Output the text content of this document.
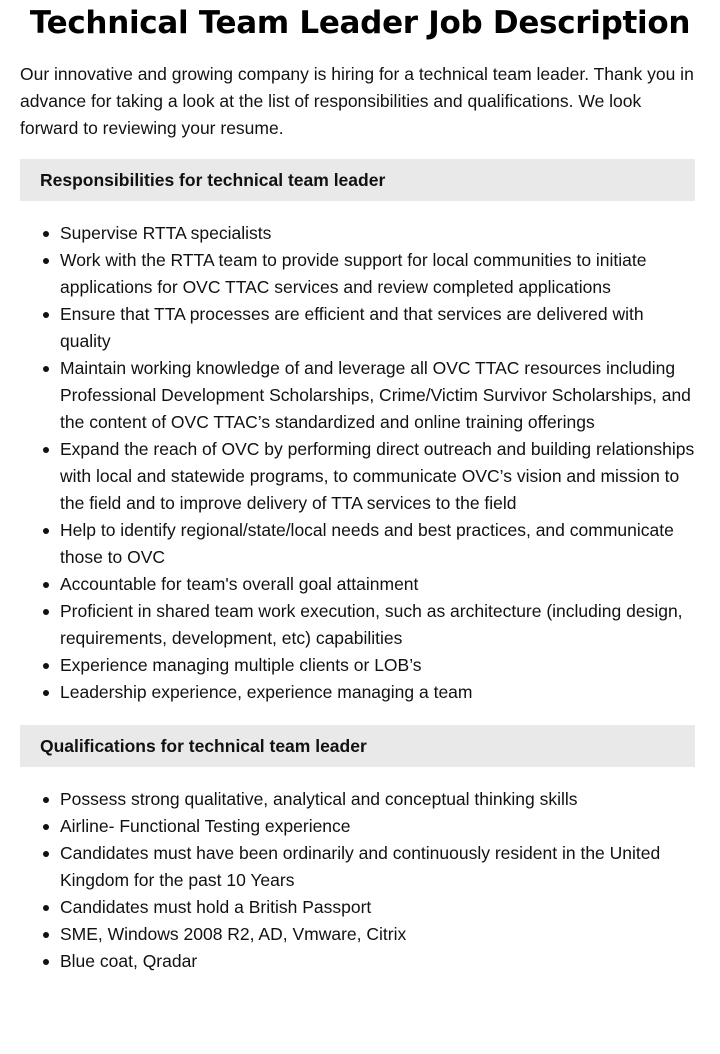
Technical Team Leader Job Description

Our innovative and growing company is hiring for a technical team leader. Thank you in advance for taking a look at the list of responsibilities and qualifications. We look forward to reviewing your resume.

Responsibilities for technical team leader
Supervise RTTA specialists
Work with the RTTA team to provide support for local communities to initiate applications for OVC TTAC services and review completed applications
Ensure that TTA processes are efficient and that services are delivered with quality
Maintain working knowledge of and leverage all OVC TTAC resources including Professional Development Scholarships, Crime/Victim Survivor Scholarships, and the content of OVC TTAC’s standardized and online training offerings
Expand the reach of OVC by performing direct outreach and building relationships with local and statewide programs, to communicate OVC’s vision and mission to the field and to improve delivery of TTA services to the field
Help to identify regional/state/local needs and best practices, and communicate those to OVC
Accountable for team's overall goal attainment
Proficient in shared team work execution, such as architecture (including design, requirements, development, etc) capabilities
Experience managing multiple clients or LOB’s
Leadership experience, experience managing a team
Qualifications for technical team leader
Possess strong qualitative, analytical and conceptual thinking skills
Airline- Functional Testing experience
Candidates must have been ordinarily and continuously resident in the United Kingdom for the past 10 Years
Candidates must hold a British Passport
SME, Windows 2008 R2, AD, Vmware, Citrix
Blue coat, Qradar
